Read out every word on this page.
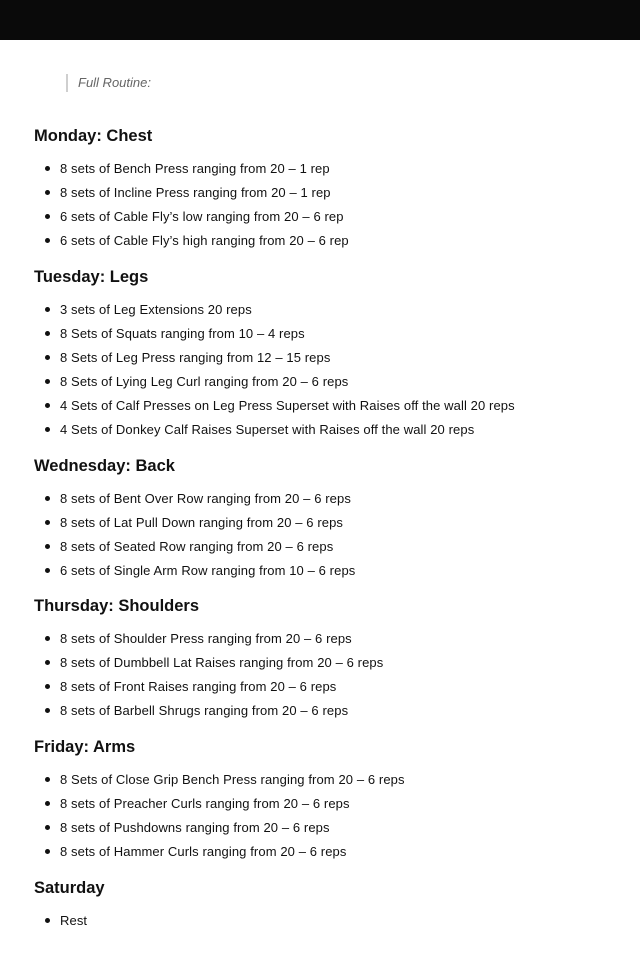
Full Routine:
Monday: Chest
8 sets of Bench Press ranging from 20 – 1 rep
8 sets of Incline Press ranging from 20 – 1 rep
6 sets of Cable Fly’s low ranging from 20 – 6 rep
6 sets of Cable Fly’s high ranging from 20 – 6 rep
Tuesday: Legs
3 sets of Leg Extensions 20 reps
8 Sets of Squats ranging from 10 – 4 reps
8 Sets of Leg Press ranging from 12 – 15 reps
8 Sets of Lying Leg Curl ranging from 20 – 6 reps
4 Sets of Calf Presses on Leg Press Superset with Raises off the wall 20 reps
4 Sets of Donkey Calf Raises Superset with Raises off the wall 20 reps
Wednesday: Back
8 sets of Bent Over Row ranging from 20 – 6 reps
8 sets of Lat Pull Down ranging from 20 – 6 reps
8 sets of Seated Row ranging from 20 – 6 reps
6 sets of Single Arm Row ranging from 10 – 6 reps
Thursday: Shoulders
8 sets of Shoulder Press ranging from 20 – 6 reps
8 sets of Dumbbell Lat Raises ranging from 20 – 6 reps
8 sets of Front Raises ranging from 20 – 6 reps
8 sets of Barbell Shrugs ranging from 20 – 6 reps
Friday: Arms
8 Sets of Close Grip Bench Press ranging from 20 – 6 reps
8 sets of Preacher Curls ranging from 20 – 6 reps
8 sets of Pushdowns ranging from 20 – 6 reps
8 sets of Hammer Curls ranging from 20 – 6 reps
Saturday
Rest
